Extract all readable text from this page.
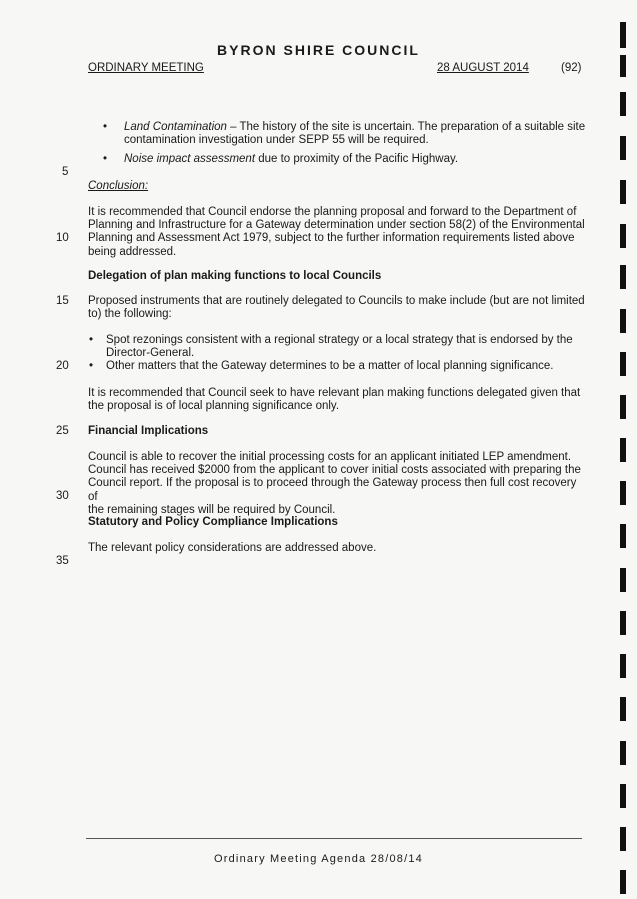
BYRON SHIRE COUNCIL
ORDINARY MEETING	28 AUGUST 2014	(92)
• Land Contamination – The history of the site is uncertain. The preparation of a suitable site
contamination investigation under SEPP 55 will be required.
• Noise impact assessment due to proximity of the Pacific Highway.
5
10
15
20
25
30
35
Conclusion:
It is recommended that Council endorse the planning proposal and forward to the Department of
Planning and Infrastructure for a Gateway determination under section 58(2) of the Environmental
Planning and Assessment Act 1979, subject to the further information requirements listed above
being addressed.
Delegation of plan making functions to local Councils
Proposed instruments that are routinely delegated to Councils to make include (but are not limited
to) the following:
• Spot rezonings consistent with a regional strategy or a local strategy that is endorsed by the
Director-General.
• Other matters that the Gateway determines to be a matter of local planning significance.
It is recommended that Council seek to have relevant plan making functions delegated given that
the proposal is of local planning significance only.
Financial Implications
Council is able to recover the initial processing costs for an applicant initiated LEP amendment.
Council has received $2000 from the applicant to cover initial costs associated with preparing the
Council report. If the proposal is to proceed through the Gateway process then full cost recovery of
the remaining stages will be required by Council.
Statutory and Policy Compliance Implications
The relevant policy considerations are addressed above.
Ordinary Meeting Agenda 28/08/14
